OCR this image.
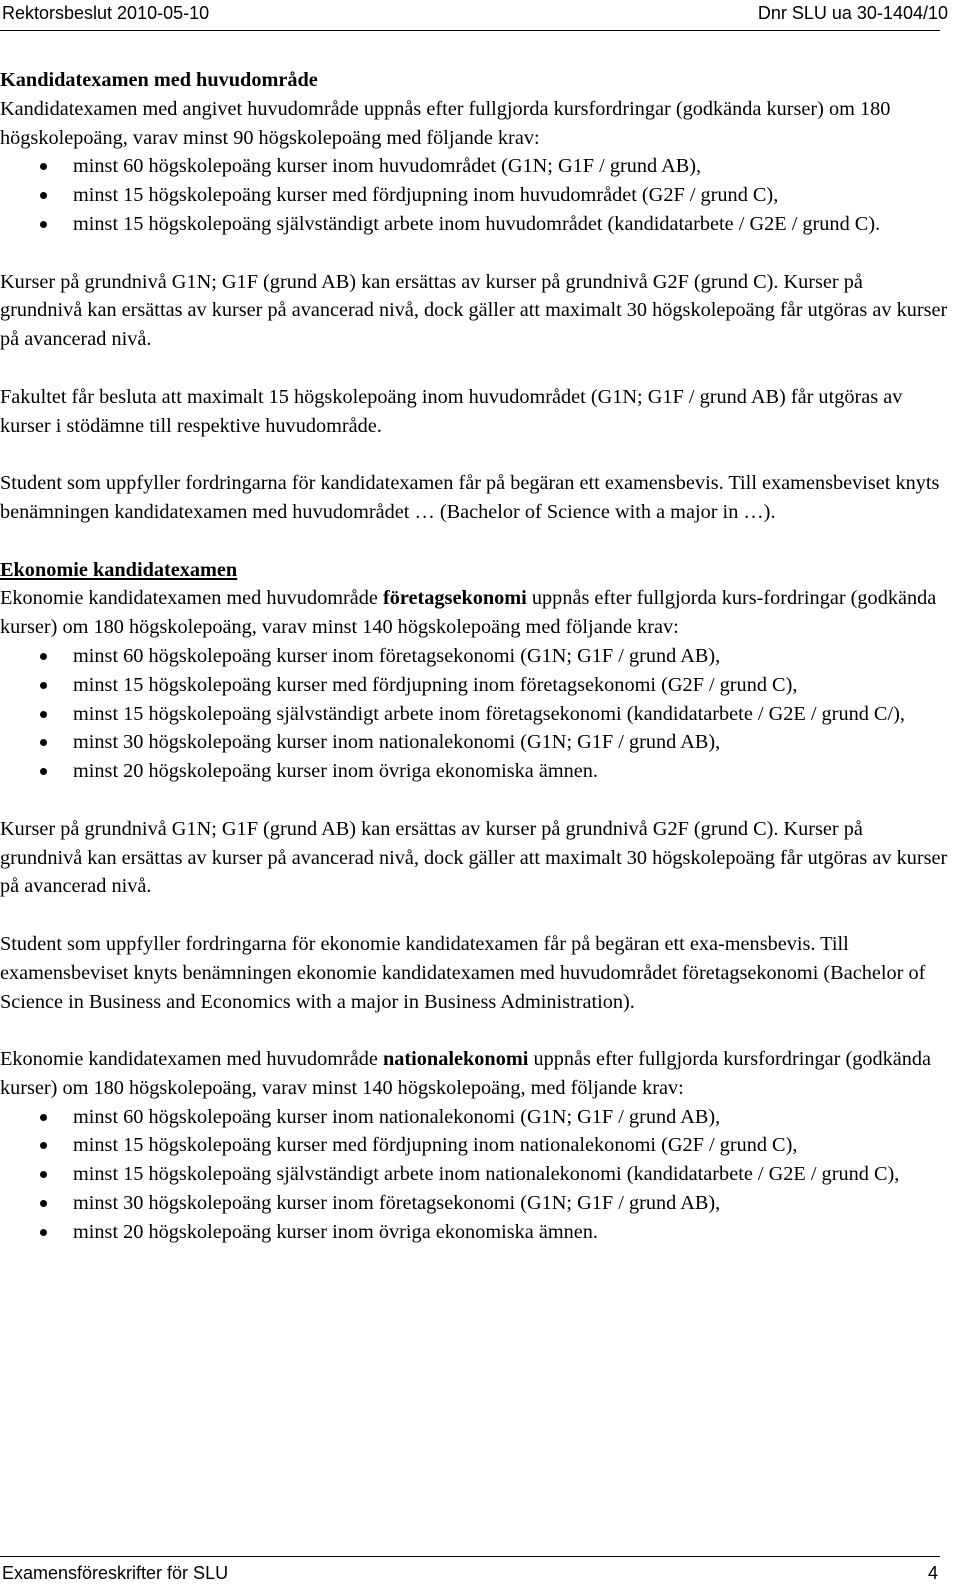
Rektorsbeslut 2010-05-10	Dnr SLU ua 30-1404/10
Kandidatexamen med huvudområde

Kandidatexamen med angivet huvudområde uppnås efter fullgjorda kursfordringar (godkända kurser) om 180 högskolepoäng, varav minst 90 högskolepoäng med följande krav:

minst 60 högskolepoäng kurser inom huvudområdet (G1N; G1F / grund AB),
minst 15 högskolepoäng kurser med fördjupning inom huvudområdet (G2F / grund C),
minst 15 högskolepoäng självständigt arbete inom huvudområdet (kandidatarbete / G2E / grund C).

Kurser på grundnivå G1N; G1F (grund AB) kan ersättas av kurser på grundnivå G2F (grund C). Kurser på grundnivå kan ersättas av kurser på avancerad nivå, dock gäller att maximalt 30 högskolepoäng får utgöras av kurser på avancerad nivå.

Fakultet får besluta att maximalt 15 högskolepoäng inom huvudområdet (G1N; G1F / grund AB) får utgöras av kurser i stödämne till respektive huvudområde.

Student som uppfyller fordringarna för kandidatexamen får på begäran ett examensbevis. Till examensbeviset knyts benämningen kandidatexamen med huvudområdet … (Bachelor of Science with a major in …).

Ekonomie kandidatexamen

Ekonomie kandidatexamen med huvudområde företagsekonomi uppnås efter fullgjorda kurs-fordringar (godkända kurser) om 180 högskolepoäng, varav minst 140 högskolepoäng med följande krav:

minst 60 högskolepoäng kurser inom företagsekonomi (G1N; G1F / grund AB),
minst 15 högskolepoäng kurser med fördjupning inom företagsekonomi (G2F / grund C),
minst 15 högskolepoäng självständigt arbete inom företagsekonomi (kandidatarbete / G2E / grund C/),
minst 30 högskolepoäng kurser inom nationalekonomi (G1N; G1F / grund AB),
minst 20 högskolepoäng kurser inom övriga ekonomiska ämnen.

Kurser på grundnivå G1N; G1F (grund AB) kan ersättas av kurser på grundnivå G2F (grund C). Kurser på grundnivå kan ersättas av kurser på avancerad nivå, dock gäller att maximalt 30 högskolepoäng får utgöras av kurser på avancerad nivå.

Student som uppfyller fordringarna för ekonomie kandidatexamen får på begäran ett exa-mensbevis. Till examensbeviset knyts benämningen ekonomie kandidatexamen med huvudområdet företagsekonomi (Bachelor of Science in Business and Economics with a major in Business Administration).

Ekonomie kandidatexamen med huvudområde nationalekonomi uppnås efter fullgjorda kursfordringar (godkända kurser) om 180 högskolepoäng, varav minst 140 högskolepoäng, med följande krav:

minst 60 högskolepoäng kurser inom nationalekonomi (G1N; G1F / grund AB),
minst 15 högskolepoäng kurser med fördjupning inom nationalekonomi (G2F / grund C),
minst 15 högskolepoäng självständigt arbete inom nationalekonomi (kandidatarbete / G2E / grund C),
minst 30 högskolepoäng kurser inom företagsekonomi (G1N; G1F / grund AB),
minst 20 högskolepoäng kurser inom övriga ekonomiska ämnen.
Examensföreskrifter för SLU	4
